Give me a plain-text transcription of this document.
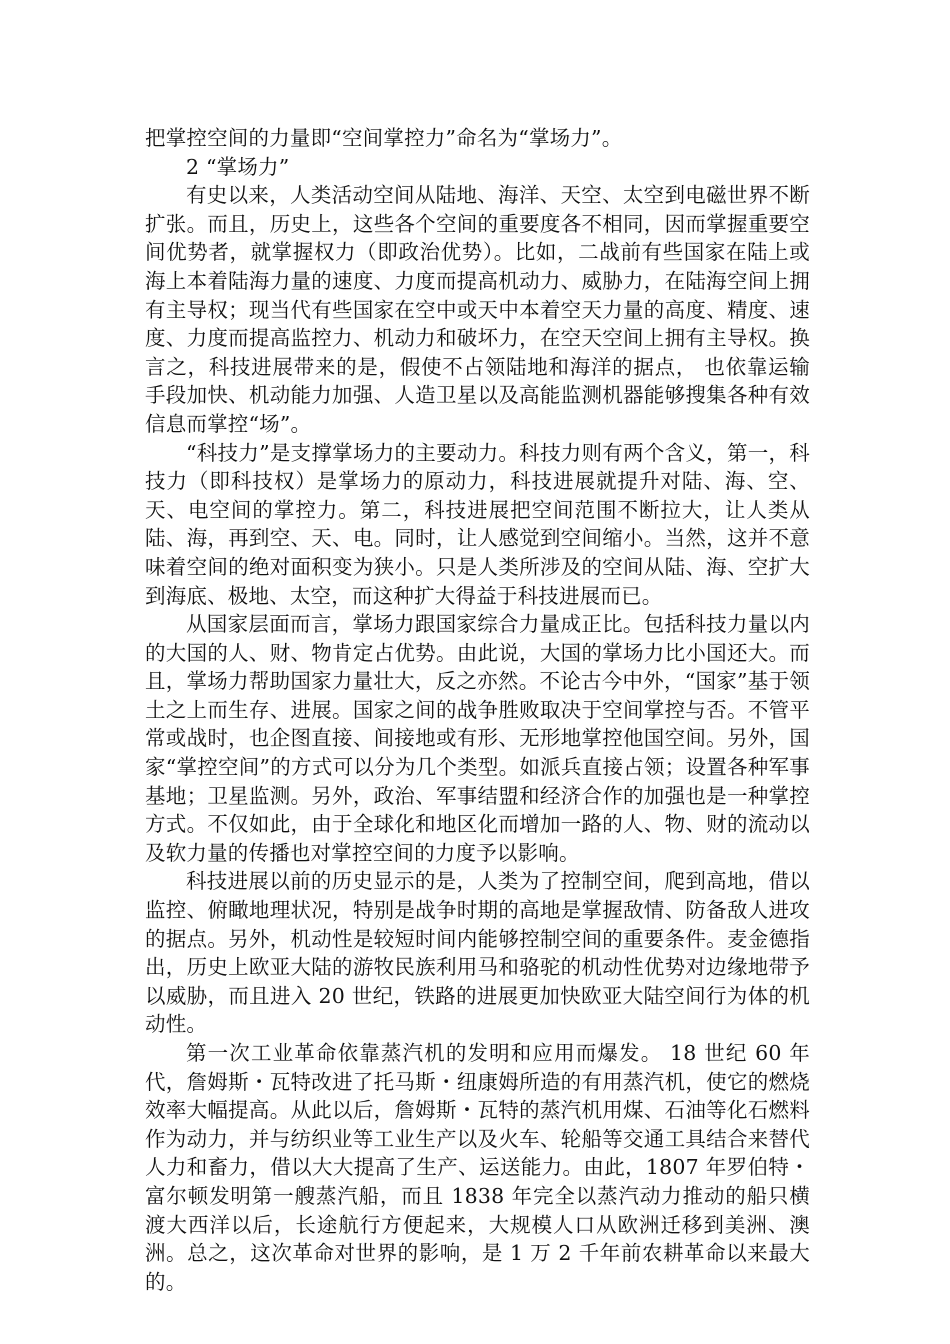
把掌控空间的力量即“空间掌控力”命名为“掌场力”。

2 “掌场力”

有史以来，人类活动空间从陆地、海洋、天空、太空到电磁世界不断扩张。而且，历史上，这些各个空间的重要度各不相同，因而掌握重要空间优势者，就掌握权力（即政治优势）。比如，二战前有些国家在陆上或海上本着陆海力量的速度、力度而提高机动力、威胁力，在陆海空间上拥有主导权；现当代有些国家在空中或天中本着空天力量的高度、精度、速度、力度而提高监控力、机动力和破坏力，在空天空间上拥有主导权。换言之，科技进展带来的是，假使不占领陆地和海洋的据点， 也依靠运输手段加快、机动能力加强、人造卫星以及高能监测机器能够搜集各种有效信息而掌控“场”。

“科技力”是支撑掌场力的主要动力。科技力则有两个含义，第一，科技力（即科技权）是掌场力的原动力，科技进展就提升对陆、海、空、天、电空间的掌控力。第二，科技进展把空间范围不断拉大，让人类从陆、海，再到空、天、电。同时，让人感觉到空间缩小。当然，这并不意味着空间的绝对面积变为狭小。只是人类所涉及的空间从陆、海、空扩大到海底、极地、太空，而这种扩大得益于科技进展而已。

从国家层面而言，掌场力跟国家综合力量成正比。包括科技力量以内的大国的人、财、物肯定占优势。由此说，大国的掌场力比小国还大。而且，掌场力帮助国家力量壮大，反之亦然。不论古今中外，“国家”基于领土之上而生存、进展。国家之间的战争胜败取决于空间掌控与否。不管平常或战时，也企图直接、间接地或有形、无形地掌控他国空间。另外，国家“掌控空间”的方式可以分为几个类型。如派兵直接占领；设置各种军事基地；卫星监测。另外，政治、军事结盟和经济合作的加强也是一种掌控方式。不仅如此，由于全球化和地区化而增加一路的人、物、财的流动以及软力量的传播也对掌控空间的力度予以影响。

科技进展以前的历史显示的是，人类为了控制空间，爬到高地，借以监控、俯瞰地理状况，特别是战争时期的高地是掌握敌情、防备敌人进攻的据点。另外，机动性是较短时间内能够控制空间的重要条件。麦金德指出，历史上欧亚大陆的游牧民族利用马和骆驼的机动性优势对边缘地带予以威胁，而且进入 20 世纪，铁路的进展更加快欧亚大陆空间行为体的机动性。

第一次工业革命依靠蒸汽机的发明和应用而爆发。 18 世纪 60 年代，詹姆斯・瓦特改进了托马斯・纽康姆所造的有用蒸汽机，使它的燃烧效率大幅提高。从此以后，詹姆斯・瓦特的蒸汽机用煤、石油等化石燃料作为动力，并与纺织业等工业生产以及火车、轮船等交通工具结合来替代人力和畜力，借以大大提高了生产、运送能力。由此，1807 年罗伯特・富尔顿发明第一艘蒸汽船，而且 1838 年完全以蒸汽动力推动的船只横渡大西洋以后，长途航行方便起来，大规模人口从欧洲迁移到美洲、澳洲。总之，这次革命对世界的影响，是 1 万 2 千年前农耕革命以来最大的。
